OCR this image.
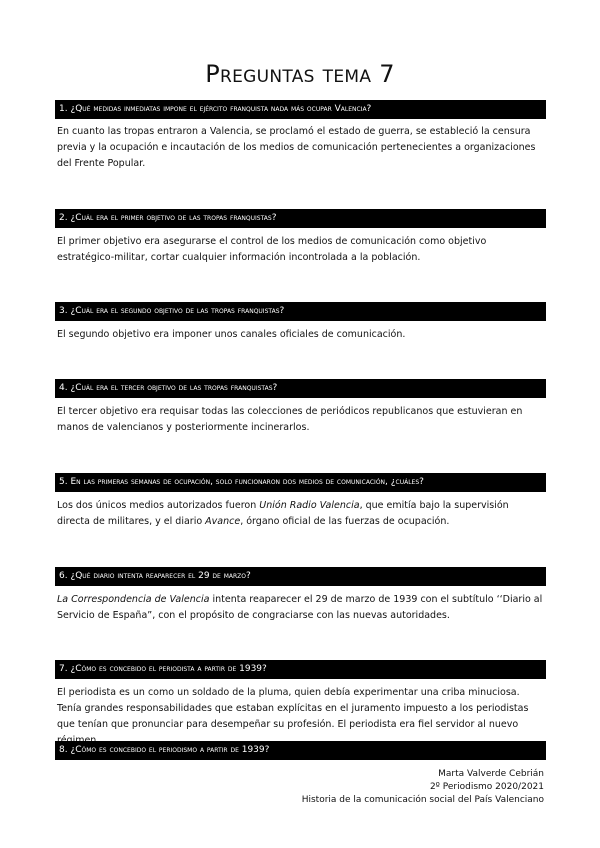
Preguntas tema 7
1. ¿Qué medidas inmediatas impone el ejército franquista nada más ocupar Valencia?
En cuanto las tropas entraron a Valencia, se proclamó el estado de guerra, se estableció la censura previa y la ocupación e incautación de los medios de comunicación pertenecientes a organizaciones del Frente Popular.
2. ¿Cuál era el primer objetivo de las tropas franquistas?
El primer objetivo era asegurarse el control de los medios de comunicación como objetivo estratégico-militar, cortar cualquier información incontrolada a la población.
3. ¿Cuál era el segundo objetivo de las tropas franquistas?
El segundo objetivo era imponer unos canales oficiales de comunicación.
4. ¿Cuál era el tercer objetivo de las tropas franquistas?
El tercer objetivo era requisar todas las colecciones de periódicos republicanos que estuvieran en manos de valencianos y posteriormente incinerarlos.
5. En las primeras semanas de ocupación, solo funcionaron dos medios de comunicación, ¿cuáles?
Los dos únicos medios autorizados fueron Unión Radio Valencia, que emitía bajo la supervisión directa de militares, y el diario Avance, órgano oficial de las fuerzas de ocupación.
6. ¿Qué diario intenta reaparecer el 29 de marzo?
La Correspondencia de Valencia intenta reaparecer el 29 de marzo de 1939 con el subtítulo ‘‘Diario al Servicio de España”, con el propósito de congraciarse con las nuevas autoridades.
7. ¿Cómo es concebido el periodista a partir de 1939?
El periodista es un como un soldado de la pluma, quien debía experimentar una criba minuciosa. Tenía grandes responsabilidades que estaban explícitas en el juramento impuesto a los periodistas que tenían que pronunciar para desempeñar su profesión. El periodista era fiel servidor al nuevo
8. ¿Cómo es concebido el periodismo a partir de 1939?
Marta Valverde Cebrián
2º Periodismo 2020/2021
Historia de la comunicación social del País Valenciano
